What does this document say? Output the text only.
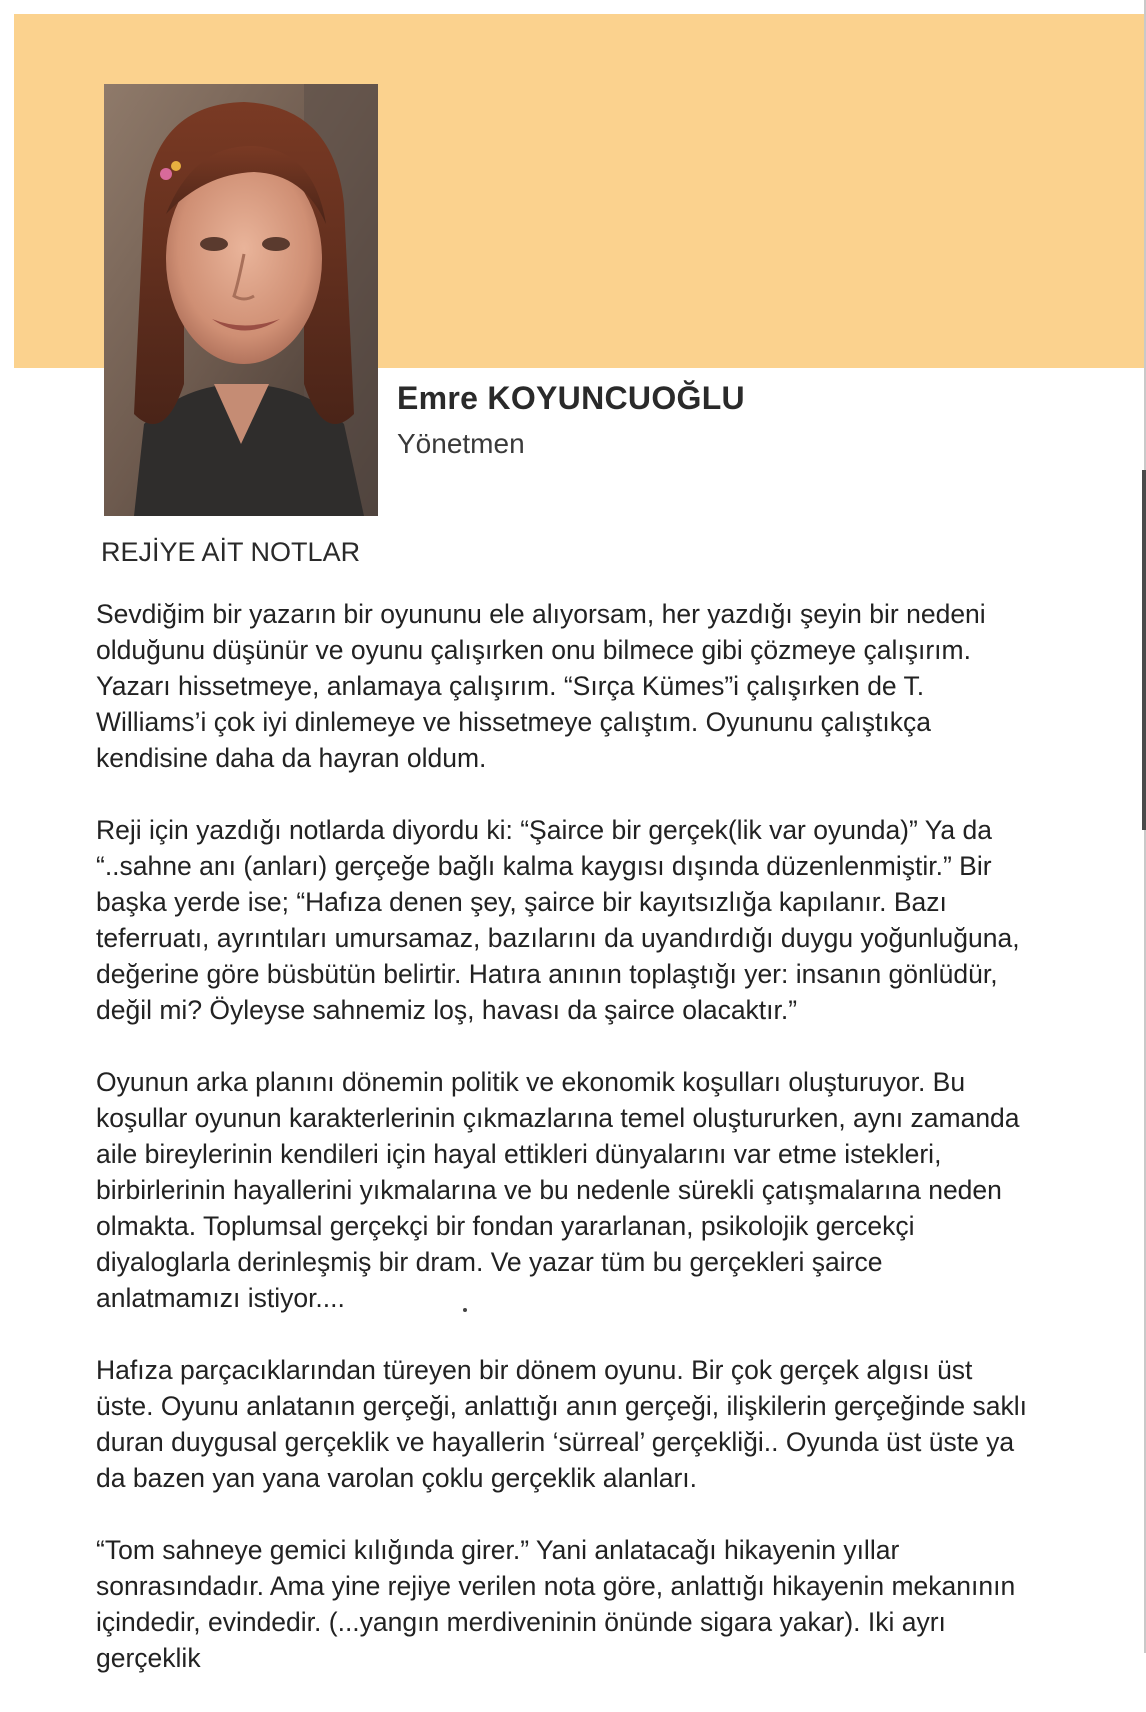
Emre KOYUNCUOĞLU
Yönetmen
REJİYE AİT NOTLAR

Sevdiğim bir yazarın bir oyununu ele alıyorsam, her yazdığı şeyin bir nedeni olduğunu düşünür ve oyunu çalışırken onu bilmece gibi çözmeye çalışırım. Yazarı hissetmeye, anlamaya çalışırım. “Sırça Kümes”i çalışırken de T. Williams’i çok iyi dinlemeye ve hissetmeye çalıştım. Oyununu çalıştıkça kendisine daha da hayran oldum.

Reji için yazdığı notlarda diyordu ki: “Şairce bir gerçek(lik var oyunda)” Ya da “..sahne anı (anları) gerçeğe bağlı kalma kaygısı dışında düzenlenmiştir.” Bir başka yerde ise; “Hafıza denen şey, şairce bir kayıtsızlığa kapılanır. Bazı teferruatı, ayrıntıları umursamaz, bazılarını da uyandırdığı duygu yoğunluğuna, değerine göre büsbütün belirtir. Hatıra anının toplaştığı yer: insanın gönlüdür, değil mi? Öyleyse sahnemiz loş, havası da şairce olacaktır.”

Oyunun arka planını dönemin politik ve ekonomik koşulları oluşturuyor. Bu koşullar oyunun karakterlerinin çıkmazlarına temel oluştururken, aynı zamanda aile bireylerinin kendileri için hayal ettikleri dünyalarını var etme istekleri, birbirlerinin hayallerini yıkmalarına ve bu nedenle sürekli çatışmalarına neden olmakta. Toplumsal gerçekçi bir fondan yararlanan, psikolojik gercekçi diyaloglarla derinleşmiş bir dram. Ve yazar tüm bu gerçekleri şairce anlatmamızı istiyor....

Hafıza parçacıklarından türeyen bir dönem oyunu. Bir çok gerçek algısı üst üste. Oyunu anlatanın gerçeği, anlattığı anın gerçeği, ilişkilerin gerçeğinde saklı duran duygusal gerçeklik ve hayallerin ‘sürreal’ gerçekliği.. Oyunda üst üste ya da bazen yan yana varolan çoklu gerçeklik alanları.

“Tom sahneye gemici kılığında girer.” Yani anlatacağı hikayenin yıllar sonrasındadır. Ama yine rejiye verilen nota göre, anlattığı hikayenin mekanının içindedir, evindedir. (...yangın merdiveninin önünde sigara yakar). Iki ayrı gerçeklik
